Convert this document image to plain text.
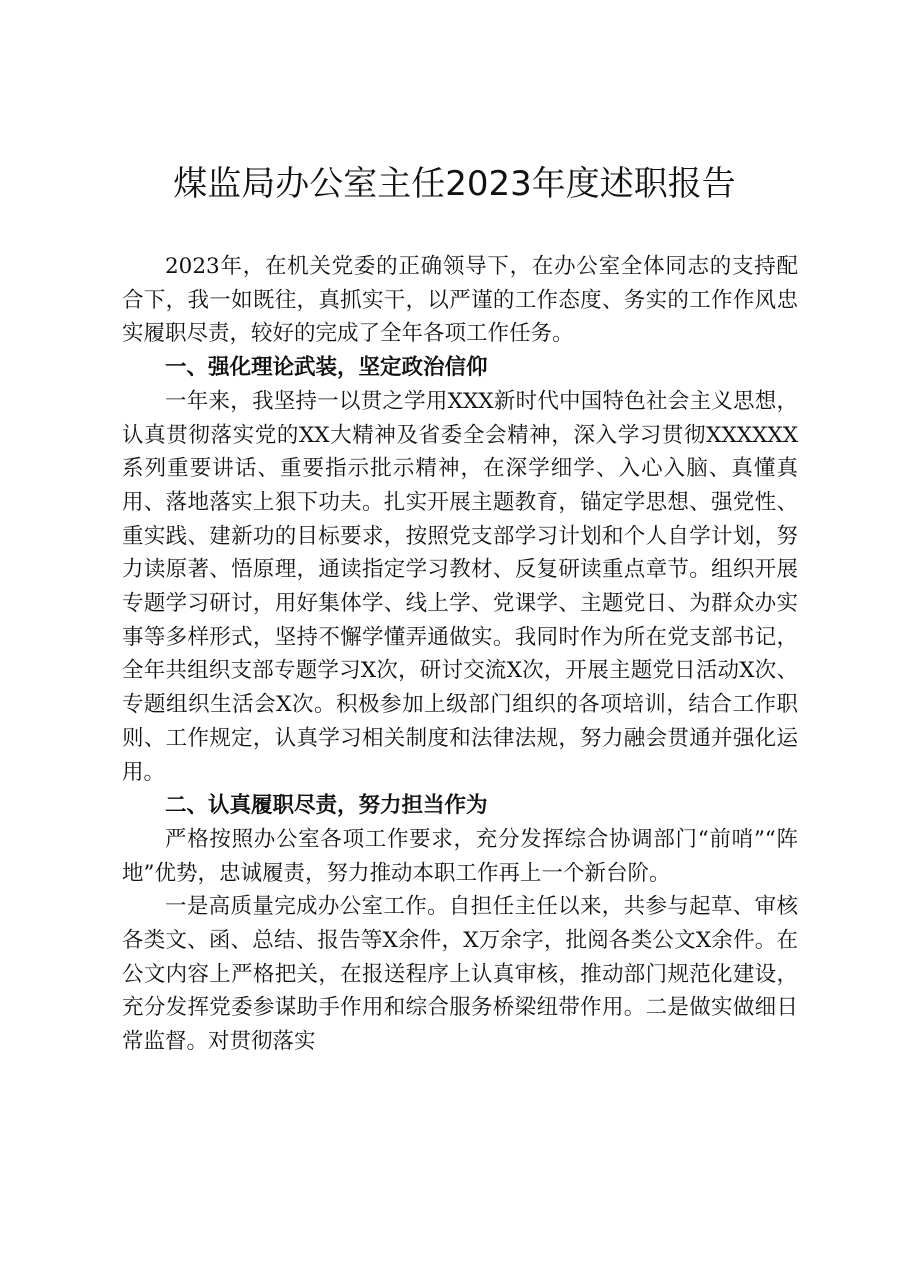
煤监局办公室主任2023年度述职报告

2023年，在机关党委的正确领导下，在办公室全体同志的支持配合下，我一如既往，真抓实干，以严谨的工作态度、务实的工作作风忠实履职尽责，较好的完成了全年各项工作任务。

一、强化理论武装，坚定政治信仰

一年来，我坚持一以贯之学用XXX新时代中国特色社会主义思想，认真贯彻落实党的XX大精神及省委全会精神，深入学习贯彻XXXXXX系列重要讲话、重要指示批示精神，在深学细学、入心入脑、真懂真用、落地落实上狠下功夫。扎实开展主题教育，锚定学思想、强党性、重实践、建新功的目标要求，按照党支部学习计划和个人自学计划，努力读原著、悟原理，通读指定学习教材、反复研读重点章节。组织开展专题学习研讨，用好集体学、线上学、党课学、主题党日、为群众办实事等多样形式，坚持不懈学懂弄通做实。我同时作为所在党支部书记，全年共组织支部专题学习X次，研讨交流X次，开展主题党日活动X次、专题组织生活会X次。积极参加上级部门组织的各项培训，结合工作职则、工作规定，认真学习相关制度和法律法规，努力融会贯通并强化运用。

二、认真履职尽责，努力担当作为

严格按照办公室各项工作要求，充分发挥综合协调部门“前哨”“阵地”优势，忠诚履责，努力推动本职工作再上一个新台阶。

一是高质量完成办公室工作。自担任主任以来，共参与起草、审核各类文、函、总结、报告等X余件，X万余字，批阅各类公文X余件。在公文内容上严格把关，在报送程序上认真审核，推动部门规范化建设，充分发挥党委参谋助手作用和综合服务桥梁纽带作用。二是做实做细日常监督。对贯彻落实
